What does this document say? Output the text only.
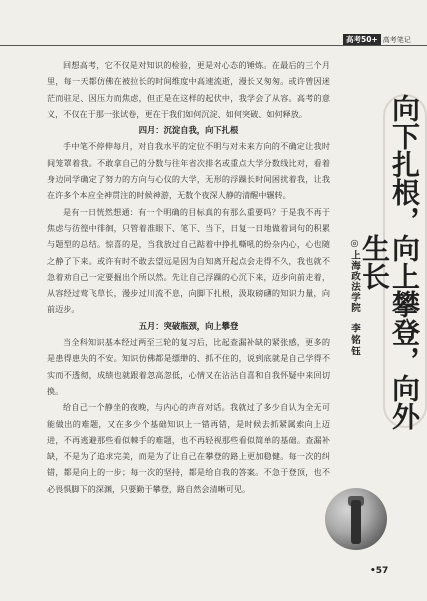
高考50+ 高考笔记

回想高考，它不仅是对知识的检验，更是对心态的锤炼。在最后的三个月里，每一天都仿佛在被拉长的时间维度中高速流逝，漫长又匆匆。或许曾因迷茫而驻足、因压力而焦虑，但正是在这样的起伏中，我学会了从容。高考的意义，不仅在于那一张试卷，更在于我们如何沉淀、如何突破、如何释放。

四月：沉淀自我，向下扎根

手中笔不停伸每月，对自我水平的定位不明与对未来方向的不确定让我时间笼罩着我。不敢拿自己的分数与往年省次排名或重点大学分数线比对，看着身边同学确定了努力的方向与心仪的大学，无形的浮躁长时间困扰着我，让我在许多个本应全神贯注的时候神游，无数个夜深人静的清醒中辗转。

是有一日恍然想通：有一个明确的目标真的有那么重要吗？于是我不再于焦虑与彷徨中徘徊，只管着准眼下、笔下、当下，日复一日地做着词句的积累与题型的总结。惊喜的是，当我放过自己踮着中挣扎嘶吼的纷杂内心，心也随之静了下来。或许有时不敢去望远是因为自知离开起点会走得不久，我也就不急着劝自己一定要掘出个所以然。先让自己浮躁的心沉下来，迈步向前走着，从容经过莺飞草长，漫步过川流不息，向脚下扎根，汲取磅礴的知识力量，向前迈步。

五月：突破瓶颈，向上攀登

当全科知识基本经过两至三轮的复习后，比起查漏补缺的紧张感，更多的是患得患失的不安。知识仿佛都是缥缈的、抓不住的，说到底就是自己学得不实而不透彻，成绩也就跟着忽高忽低，心情又在沾沾自喜和自我怀疑中来回切换。

给自己一个静坐的夜晚，与内心的声音对话。我就过了多少自认为全无可能做出的难题，又在多少个基础知识上一错再错，是时候去抓紧属索向上迈进，不再逃避那些看似棘手的难题，也不再轻视那些看似简单的基础。查漏补缺，不是为了追求完美，而是为了让自己在攀登的路上更加稳健。每一次的纠错，都是向上的一步；每一次的坚持，都是给自我的答案。不急于登顶，也不必畏惧脚下的深渊，只要勤于攀登，路自然会清晰可见。

向下扎根，向上攀登，向外生长
◎上海政法学院
李铭钰
•57
